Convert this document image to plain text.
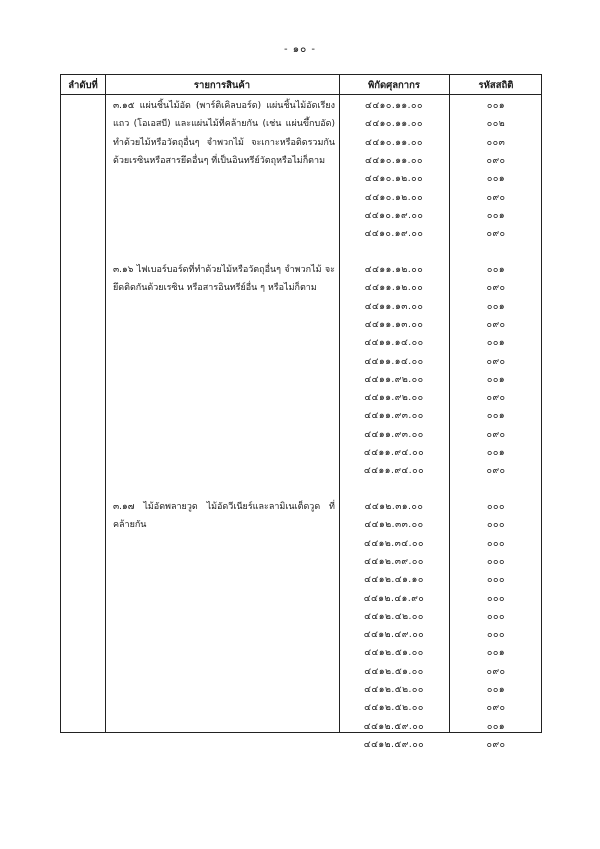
- ๑๐ -
ลำดับที่	รายการสินค้า	พิกัดศุลกากร	รหัสสถิติ
๓.๑๕ แผ่นชิ้นไม้อัด (พาร์ติเคิลบอร์ด) แผ่นชิ้นไม้อัดเรียงแถว (โอเอสบี) และแผ่นไม้ที่คล้ายกัน (เช่น แผ่นขึ้กบอัด) ทำด้วยไม้หรือวัตถุอื่นๆ จำพวกไม้ จะเกาะหรือติดรวมกันด้วยเรซินหรือสารยึดอื่นๆ ที่เป็นอินทรีย์วัตถุหรือไม่ก็ตาม
๔๔๑๐.๑๑.๐๐	๐๐๑
๔๔๑๐.๑๑.๐๐	๐๐๒
๔๔๑๐.๑๑.๐๐	๐๐๓
๔๔๑๐.๑๑.๐๐	๐๙๐
๔๔๑๐.๑๒.๐๐	๐๐๑
๔๔๑๐.๑๒.๐๐	๐๙๐
๔๔๑๐.๑๙.๐๐	๐๐๑
๔๔๑๐.๑๙.๐๐	๐๙๐
๓.๑๖ ไฟเบอร์บอร์ดที่ทำด้วยไม้หรือวัตถุอื่นๆ จำพวกไม้ จะยึดติดกันด้วยเรซิน หรือสารอินทรีย์อื่น ๆ หรือไม่ก็ตาม
๔๔๑๑.๑๒.๐๐	๐๐๑
๔๔๑๑.๑๒.๐๐	๐๙๐
๔๔๑๑.๑๓.๐๐	๐๐๑
๔๔๑๑.๑๓.๐๐	๐๙๐
๔๔๑๑.๑๔.๐๐	๐๐๑
๔๔๑๑.๑๔.๐๐	๐๙๐
๔๔๑๑.๙๒.๐๐	๐๐๑
๔๔๑๑.๙๒.๐๐	๐๙๐
๔๔๑๑.๙๓.๐๐	๐๐๑
๔๔๑๑.๙๓.๐๐	๐๙๐
๔๔๑๑.๙๔.๐๐	๐๐๑
๔๔๑๑.๙๔.๐๐	๐๙๐
๓.๑๗ ไม้อัดพลายวูด ไม้อัดวีเนียร์และลามิเนเต็ดวูด ที่คล้ายกัน
๔๔๑๒.๓๑.๐๐	๐๐๐
๔๔๑๒.๓๓.๐๐	๐๐๐
๔๔๑๒.๓๔.๐๐	๐๐๐
๔๔๑๒.๓๙.๐๐	๐๐๐
๔๔๑๒.๔๑.๑๐	๐๐๐
๔๔๑๒.๔๑.๙๐	๐๐๐
๔๔๑๒.๔๒.๐๐	๐๐๐
๔๔๑๒.๔๙.๐๐	๐๐๐
๔๔๑๒.๕๑.๐๐	๐๐๑
๔๔๑๒.๕๑.๐๐	๐๙๐
๔๔๑๒.๕๒.๐๐	๐๐๑
๔๔๑๒.๕๒.๐๐	๐๙๐
๔๔๑๒.๕๙.๐๐	๐๐๑
๔๔๑๒.๕๙.๐๐	๐๙๐
